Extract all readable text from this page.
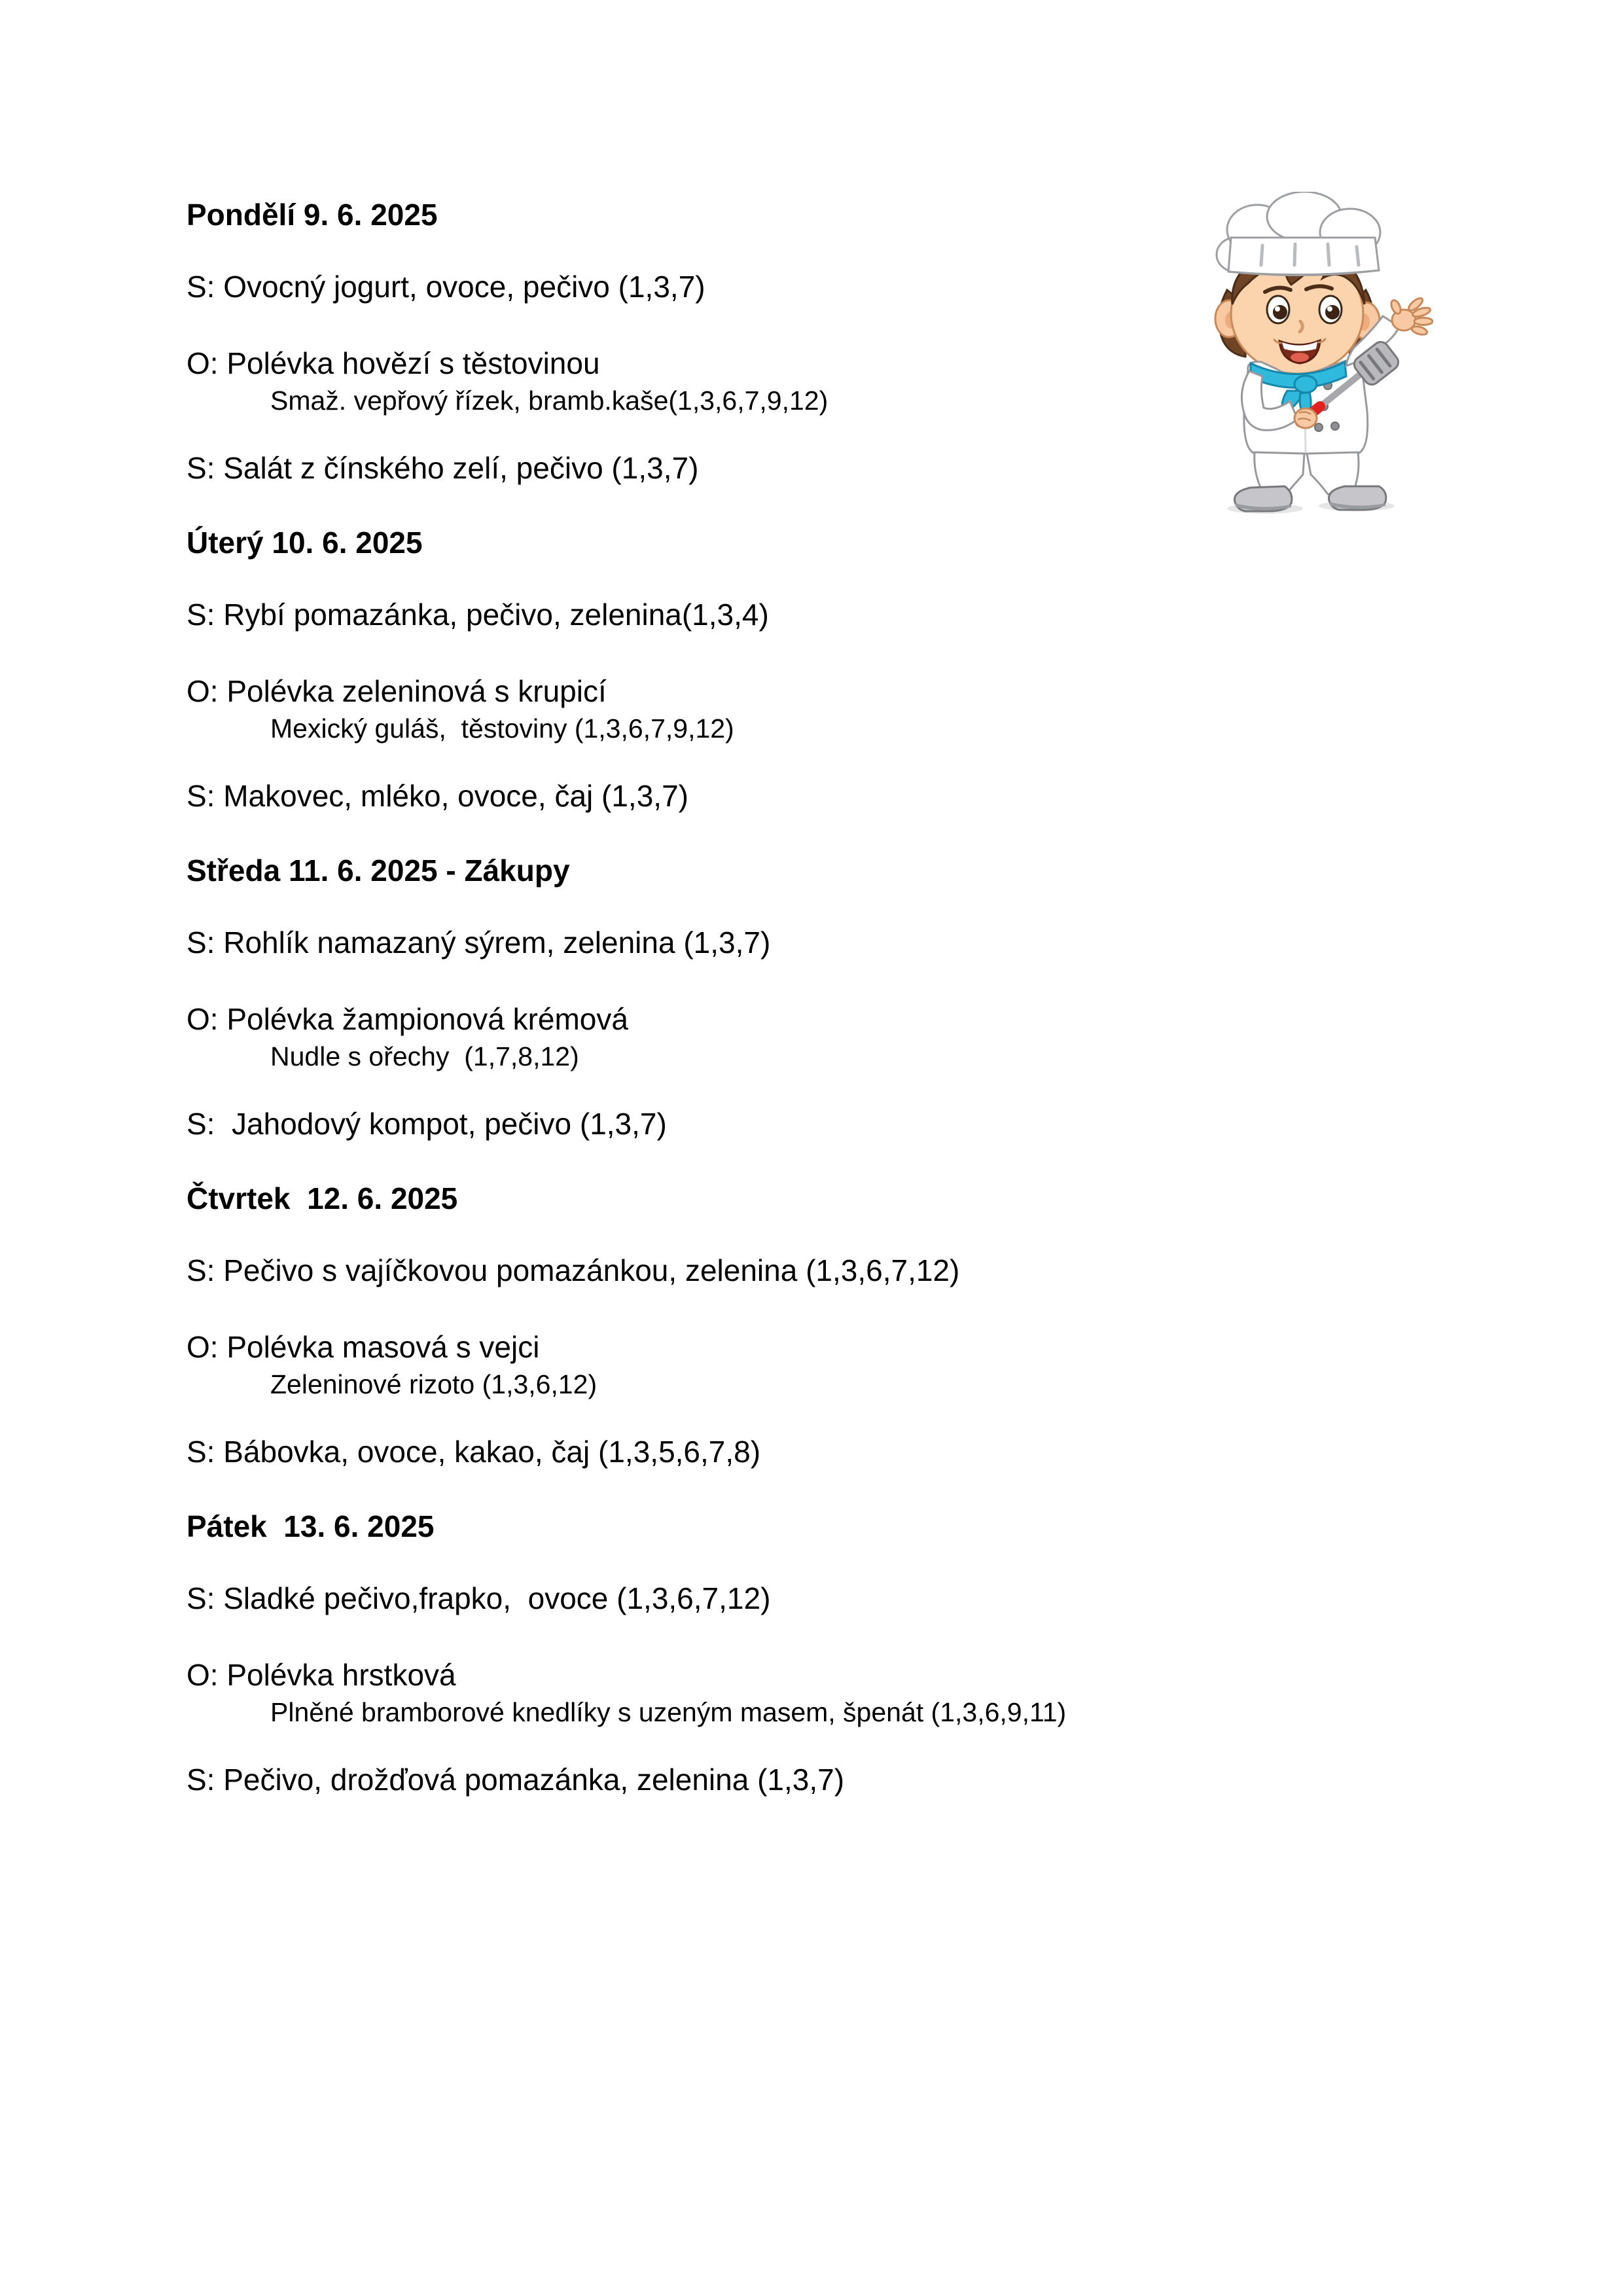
Pondělí 9. 6. 2025

S: Ovocný jogurt, ovoce, pečivo (1,3,7)

O: Polévka hovězí s těstovinou

Smaž. vepřový řízek, bramb.kaše(1,3,6,7,9,12)

S: Salát z čínského zelí, pečivo (1,3,7)

Úterý 10. 6. 2025

S: Rybí pomazánka, pečivo, zelenina(1,3,4)

O: Polévka zeleninová s krupicí

Mexický guláš,  těstoviny (1,3,6,7,9,12)

S: Makovec, mléko, ovoce, čaj (1,3,7)

Středa 11. 6. 2025 - Zákupy

S: Rohlík namazaný sýrem, zelenina (1,3,7)

O: Polévka žampionová krémová

Nudle s ořechy  (1,7,8,12)

S:  Jahodový kompot, pečivo (1,3,7)

Čtvrtek  12. 6. 2025

S: Pečivo s vajíčkovou pomazánkou, zelenina (1,3,6,7,12)

O: Polévka masová s vejci

Zeleninové rizoto (1,3,6,12)

S: Bábovka, ovoce, kakao, čaj (1,3,5,6,7,8)

Pátek  13. 6. 2025

S: Sladké pečivo,frapko,  ovoce (1,3,6,7,12)

O: Polévka hrstková

Plněné bramborové knedlíky s uzeným masem, špenát (1,3,6,9,11)

S: Pečivo, drožďová pomazánka, zelenina (1,3,7)
